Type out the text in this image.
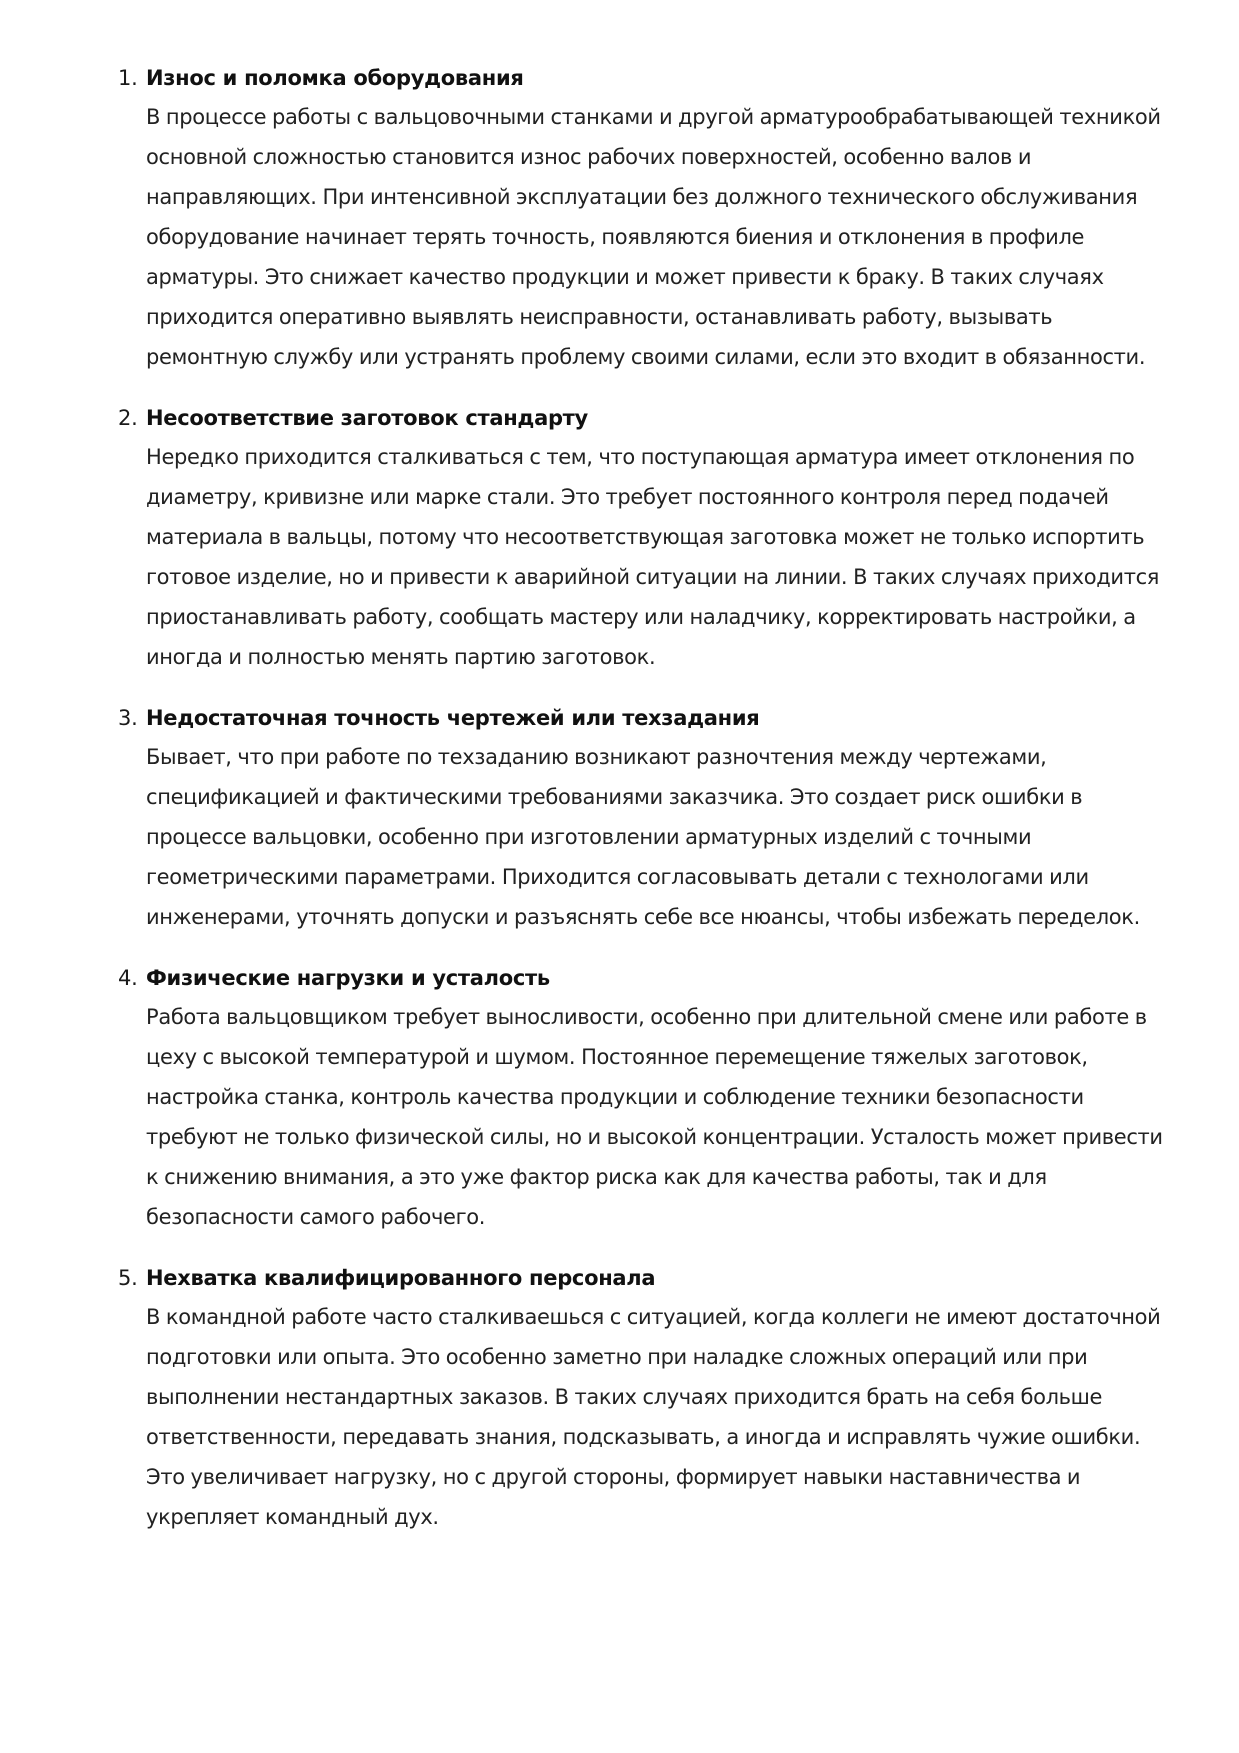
1. Износ и поломка оборудования
В процессе работы с вальцовочными станками и другой арматурообрабатывающей техникой основной сложностью становится износ рабочих поверхностей, особенно валов и направляющих. При интенсивной эксплуатации без должного технического обслуживания оборудование начинает терять точность, появляются биения и отклонения в профиле арматуры. Это снижает качество продукции и может привести к браку. В таких случаях приходится оперативно выявлять неисправности, останавливать работу, вызывать ремонтную службу или устранять проблему своими силами, если это входит в обязанности.
2. Несоответствие заготовок стандарту
Нередко приходится сталкиваться с тем, что поступающая арматура имеет отклонения по диаметру, кривизне или марке стали. Это требует постоянного контроля перед подачей материала в вальцы, потому что несоответствующая заготовка может не только испортить готовое изделие, но и привести к аварийной ситуации на линии. В таких случаях приходится приостанавливать работу, сообщать мастеру или наладчику, корректировать настройки, а иногда и полностью менять партию заготовок.
3. Недостаточная точность чертежей или техзадания
Бывает, что при работе по техзаданию возникают разночтения между чертежами, спецификацией и фактическими требованиями заказчика. Это создает риск ошибки в процессе вальцовки, особенно при изготовлении арматурных изделий с точными геометрическими параметрами. Приходится согласовывать детали с технологами или инженерами, уточнять допуски и разъяснять себе все нюансы, чтобы избежать переделок.
4. Физические нагрузки и усталость
Работа вальцовщиком требует выносливости, особенно при длительной смене или работе в цеху с высокой температурой и шумом. Постоянное перемещение тяжелых заготовок, настройка станка, контроль качества продукции и соблюдение техники безопасности требуют не только физической силы, но и высокой концентрации. Усталость может привести к снижению внимания, а это уже фактор риска как для качества работы, так и для безопасности самого рабочего.
5. Нехватка квалифицированного персонала
В командной работе часто сталкиваешься с ситуацией, когда коллеги не имеют достаточной подготовки или опыта. Это особенно заметно при наладке сложных операций или при выполнении нестандартных заказов. В таких случаях приходится брать на себя больше ответственности, передавать знания, подсказывать, а иногда и исправлять чужие ошибки. Это увеличивает нагрузку, но с другой стороны, формирует навыки наставничества и укрепляет командный дух.
